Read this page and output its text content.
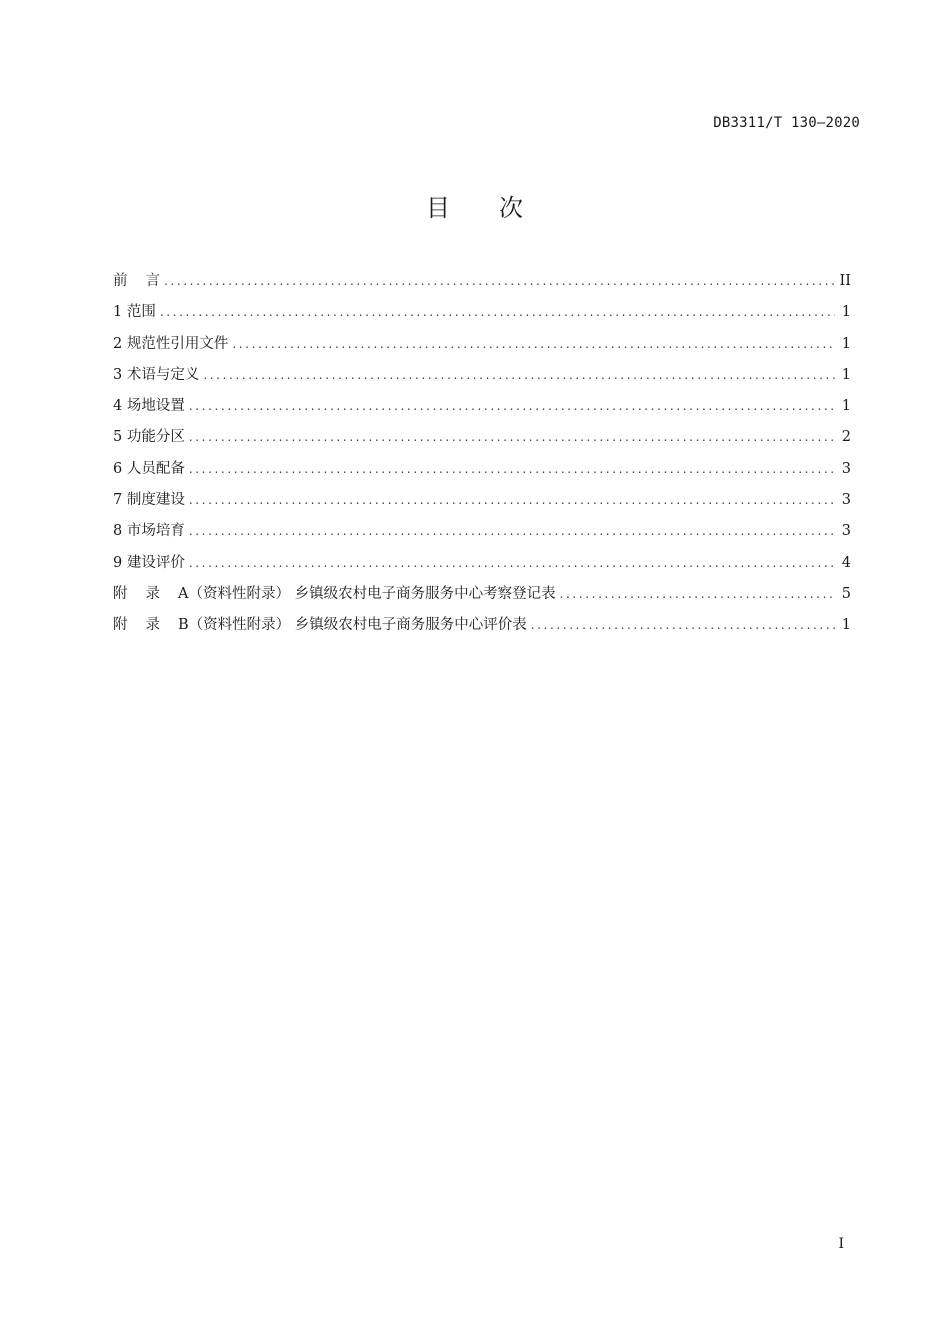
DB3311/T 130—2020
目 次
前 言 .....	II
1 范围 .....	1
2 规范性引用文件 .....	1
3 术语与定义 .....	1
4 场地设置 .....	1
5 功能分区 .....	2
6 人员配备 .....	3
7 制度建设 .....	3
8 市场培育 .....	3
9 建设评价 .....	4
附 录 A（资料性附录） 乡镇级农村电子商务服务中心考察登记表 .....	5
附 录 B（资料性附录） 乡镇级农村电子商务服务中心评价表 .....	1
I
